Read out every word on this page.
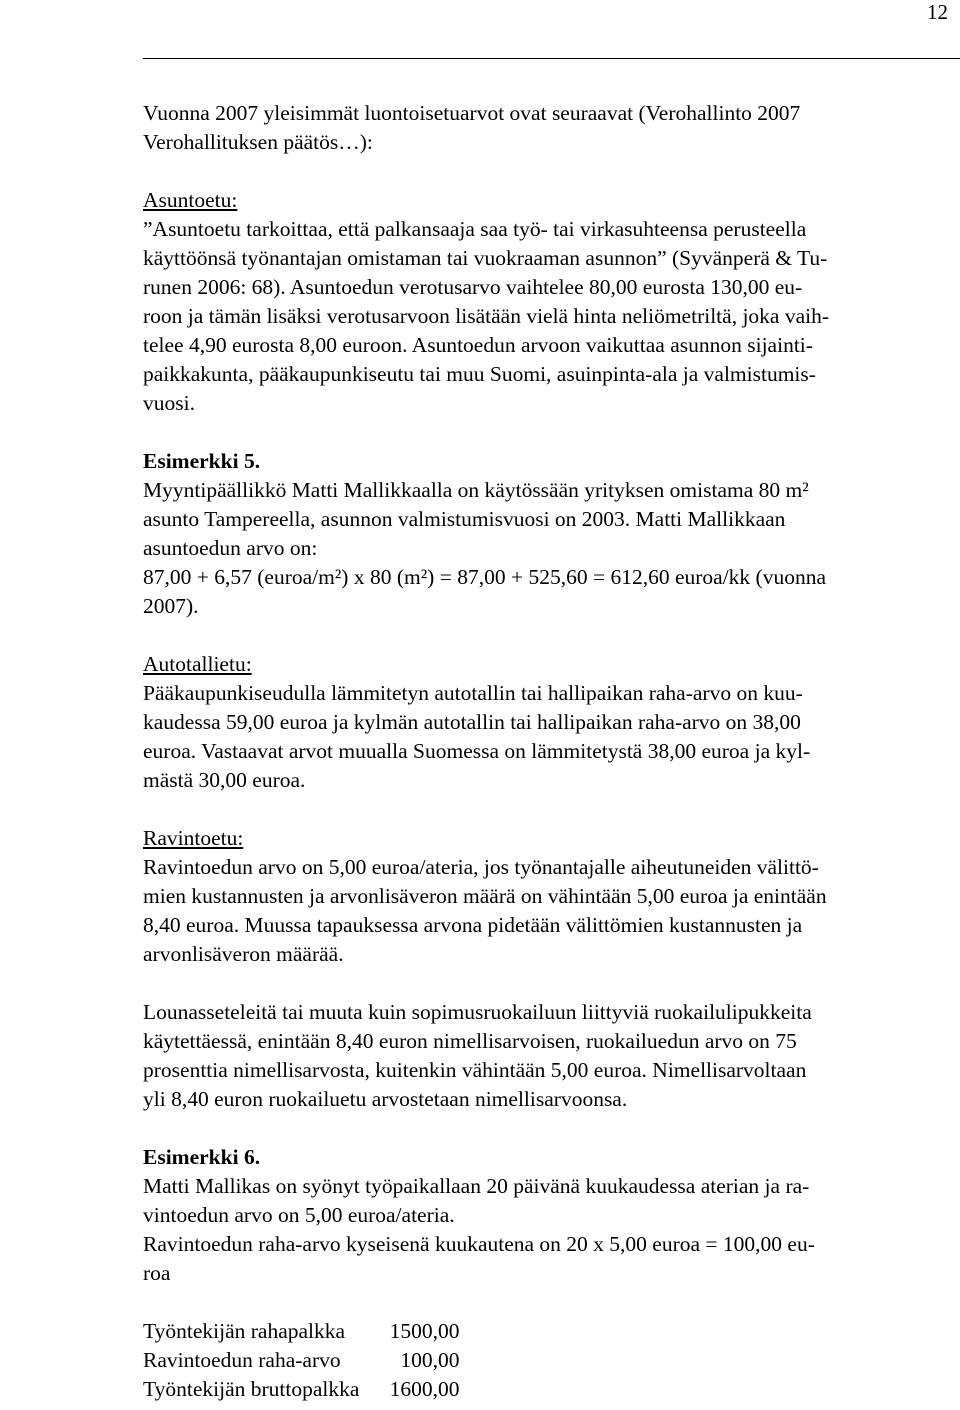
12
Vuonna 2007 yleisimmät luontoisetuarvot ovat seuraavat (Verohallinto 2007
Verohallituksen päätös…):
Asuntoetu:
”Asuntoetu tarkoittaa, että palkansaaja saa työ- tai virkasuhteensa perusteella
käyttöönsä työnantajan omistaman tai vuokraaman asunnon” (Syvänperä & Tu-
runen 2006: 68). Asuntoedun verotusarvo vaihtelee 80,00 eurosta 130,00 eu-
roon ja tämän lisäksi verotusarvoon lisätään vielä hinta neliömetriltä, joka vaih-
telee 4,90 eurosta 8,00 euroon. Asuntoedun arvoon vaikuttaa asunnon sijainti-
paikkakunta, pääkaupunkiseutu tai muu Suomi, asuinpinta-ala ja valmistumis-
vuosi.
Esimerkki 5.
Myyntipäällikkö Matti Mallikkaalla on käytössään yrityksen omistama 80 m²
asunto Tampereella, asunnon valmistumisvuosi on 2003. Matti Mallikkaan
asuntoedun arvo on:
87,00 + 6,57 (euroa/m²) x 80 (m²) = 87,00 + 525,60 = 612,60 euroa/kk (vuonna
2007).
Autotallietu:
Pääkaupunkiseudulla lämmitetyn autotallin tai hallipaikan raha-arvo on kuu-
kaudessa 59,00 euroa ja kylmän autotallin tai hallipaikan raha-arvo on 38,00
euroa. Vastaavat arvot muualla Suomessa on lämmitetystä 38,00 euroa ja kyl-
mästä 30,00 euroa.
Ravintoetu:
Ravintoedun arvo on 5,00 euroa/ateria, jos työnantajalle aiheutuneiden välittö-
mien kustannusten ja arvonlisäveron määrä on vähintään 5,00 euroa ja enintään
8,40 euroa. Muussa tapauksessa arvona pidetään välittömien kustannusten ja
arvonlisäveron määrää.
Lounasseteleitä tai muuta kuin sopimusruokailuun liittyviä ruokailulipukkeita
käytettäessä, enintään 8,40 euron nimellisarvoisen, ruokailuedun arvo on 75
prosenttia nimellisarvosta, kuitenkin vähintään 5,00 euroa. Nimellisarvoltaan
yli 8,40 euron ruokailuetu arvostetaan nimellisarvoonsa.
Esimerkki 6.
Matti Mallikas on syönyt työpaikallaan 20 päivänä kuukaudessa aterian ja ra-
vintoedun arvo on 5,00 euroa/ateria.
Ravintoedun raha-arvo kyseisenä kuukautena on 20 x 5,00 euroa = 100,00 eu-
roa
Työntekijän rahapalkka	1500,00
Ravintoedun raha-arvo	100,00
Työntekijän bruttopalkka	1600,00
